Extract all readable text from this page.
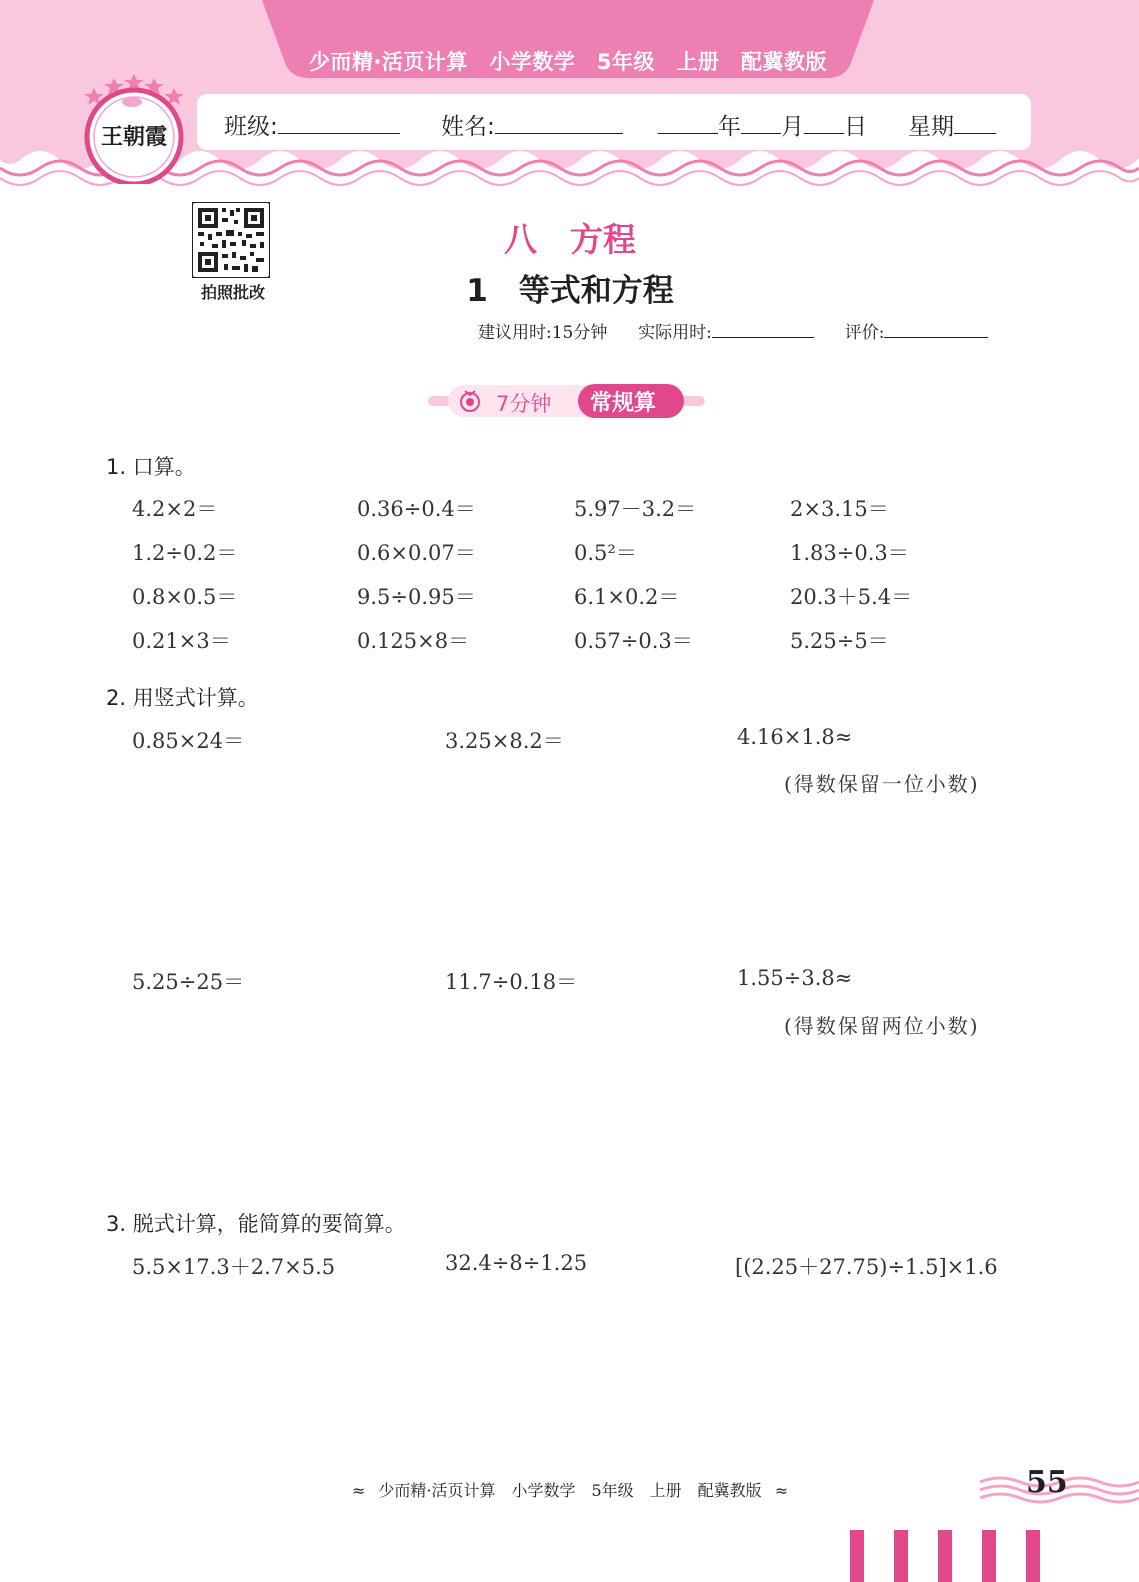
少而精·活页计算　小学数学　5年级　上册　配冀教版
班级:	姓名:	年 月 日 星期
王朝霞
拍照批改
八　方程
1　等式和方程
建议用时:15分钟 实际用时:	评价:
7分钟 常规算
1. 口算。
4.2×2＝	0.36÷0.4＝	5.97－3.2＝	2×3.15＝
1.2÷0.2＝	0.6×0.07＝	0.5²＝	1.83÷0.3＝
0.8×0.5＝	9.5÷0.95＝	6.1×0.2＝	20.3＋5.4＝
0.21×3＝	0.125×8＝	0.57÷0.3＝	5.25÷5＝
2. 用竖式计算。
0.85×24＝	3.25×8.2＝	4.16×1.8≈
(得数保留一位小数)
5.25÷25＝	11.7÷0.18＝	1.55÷3.8≈
(得数保留两位小数)
3. 脱式计算，能简算的要简算。
5.5×17.3＋2.7×5.5	32.4÷8÷1.25	[(2.25＋27.75)÷1.5]×1.6
≈ 少而精·活页计算　小学数学　5年级　上册　配冀教版 ≈	55
